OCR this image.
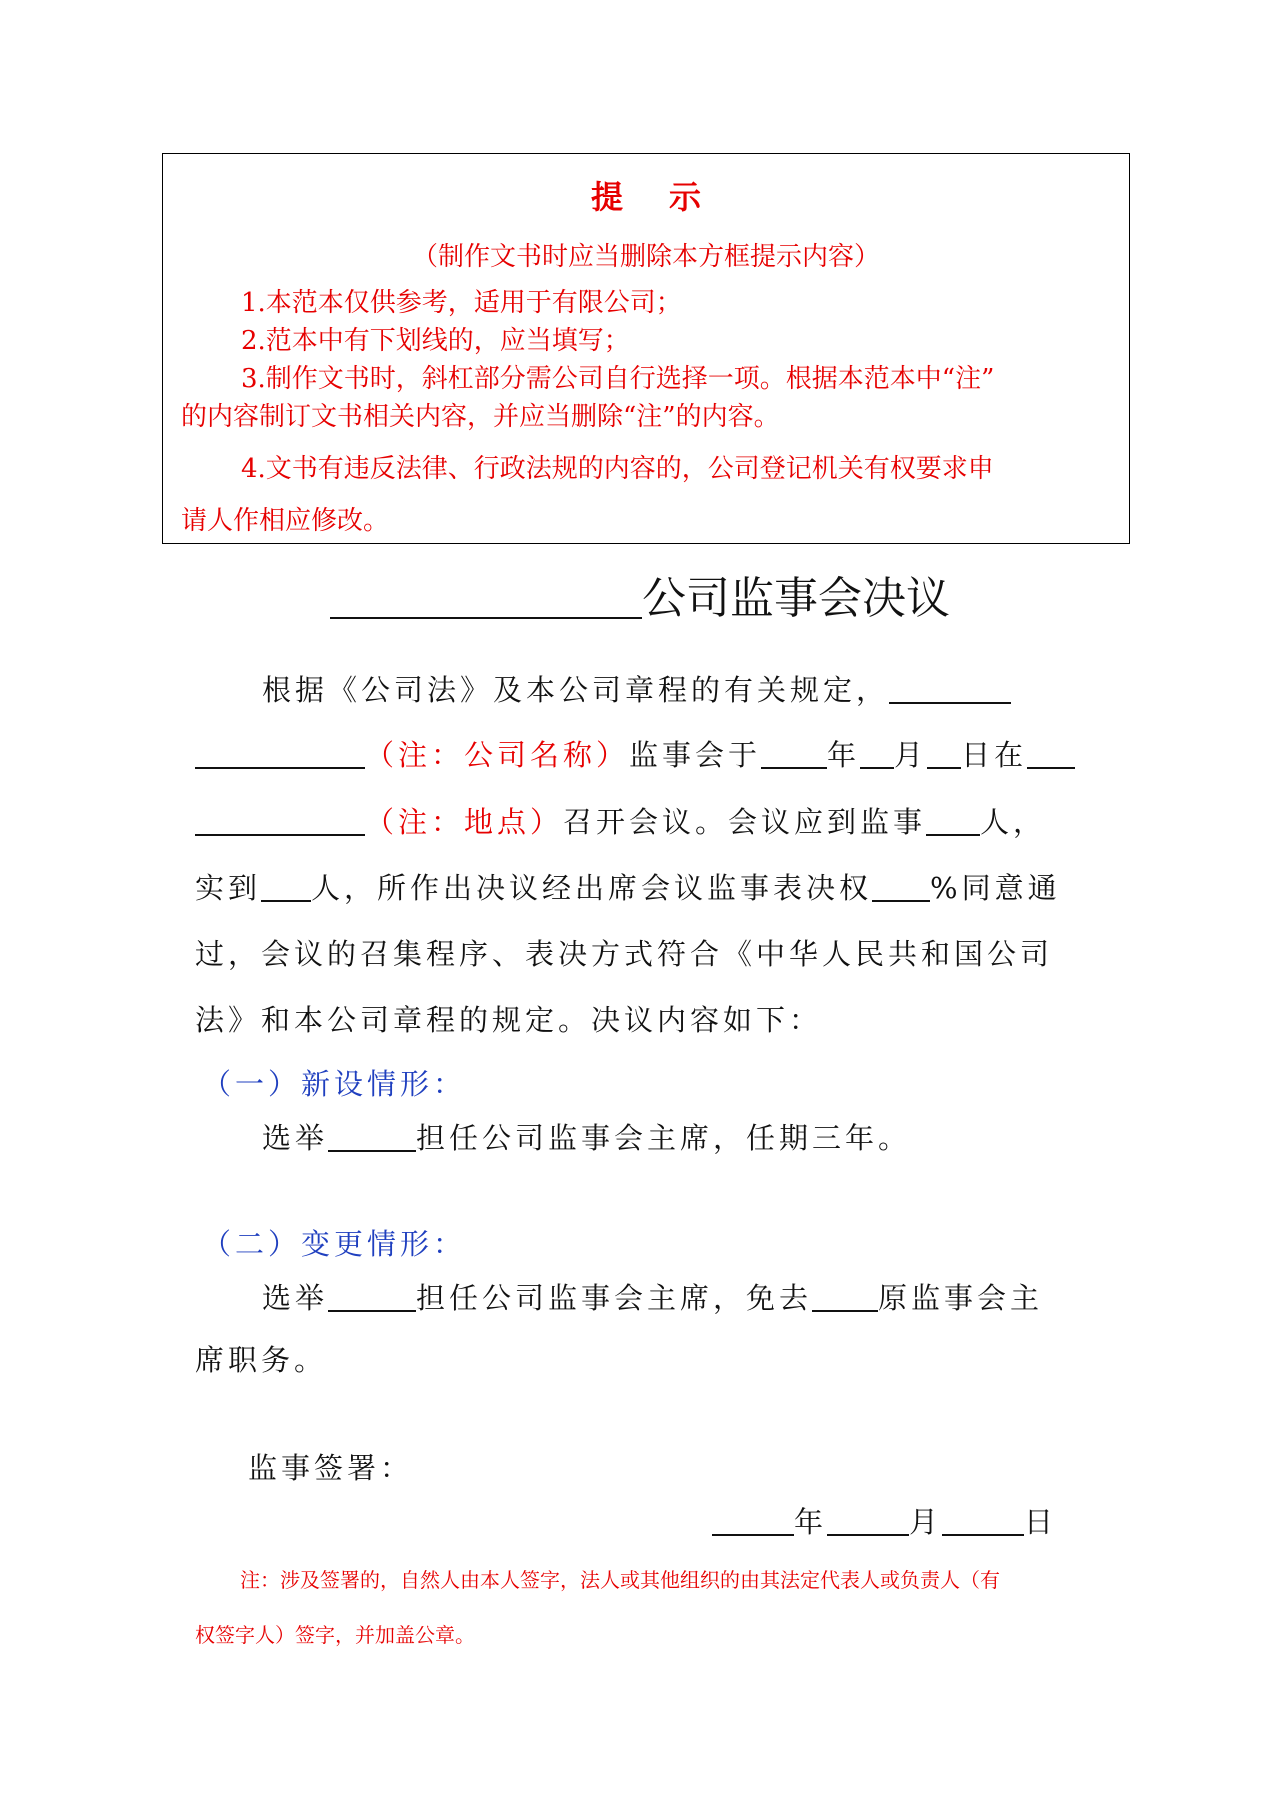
提示
（制作文书时应当删除本方框提示内容）
1.本范本仅供参考，适用于有限公司；
2.范本中有下划线的，应当填写；
3.制作文书时，斜杠部分需公司自行选择一项。根据本范本中“注”
的内容制订文书相关内容，并应当删除“注”的内容。
4.文书有违反法律、行政法规的内容的，公司登记机关有权要求申
请人作相应修改。
公司监事会决议
根据《公司法》及本公司章程的有关规定，
（注：公司名称）监事会于 年 月 日在
（注：地点）召开会议。会议应到监事 人，
实到 人，所作出决议经出席会议监事表决权 %同意通
过，会议的召集程序、表决方式符合《中华人民共和国公司
法》和本公司章程的规定。决议内容如下：
（一）新设情形：
选举	担任公司监事会主席，任期三年。
（二）变更情形：
选举	担任公司监事会主席，免去 原监事会主
席职务。
监事签署：
年	月	日
注：涉及签署的，自然人由本人签字，法人或其他组织的由其法定代表人或负责人（有
权签字人）签字，并加盖公章。
